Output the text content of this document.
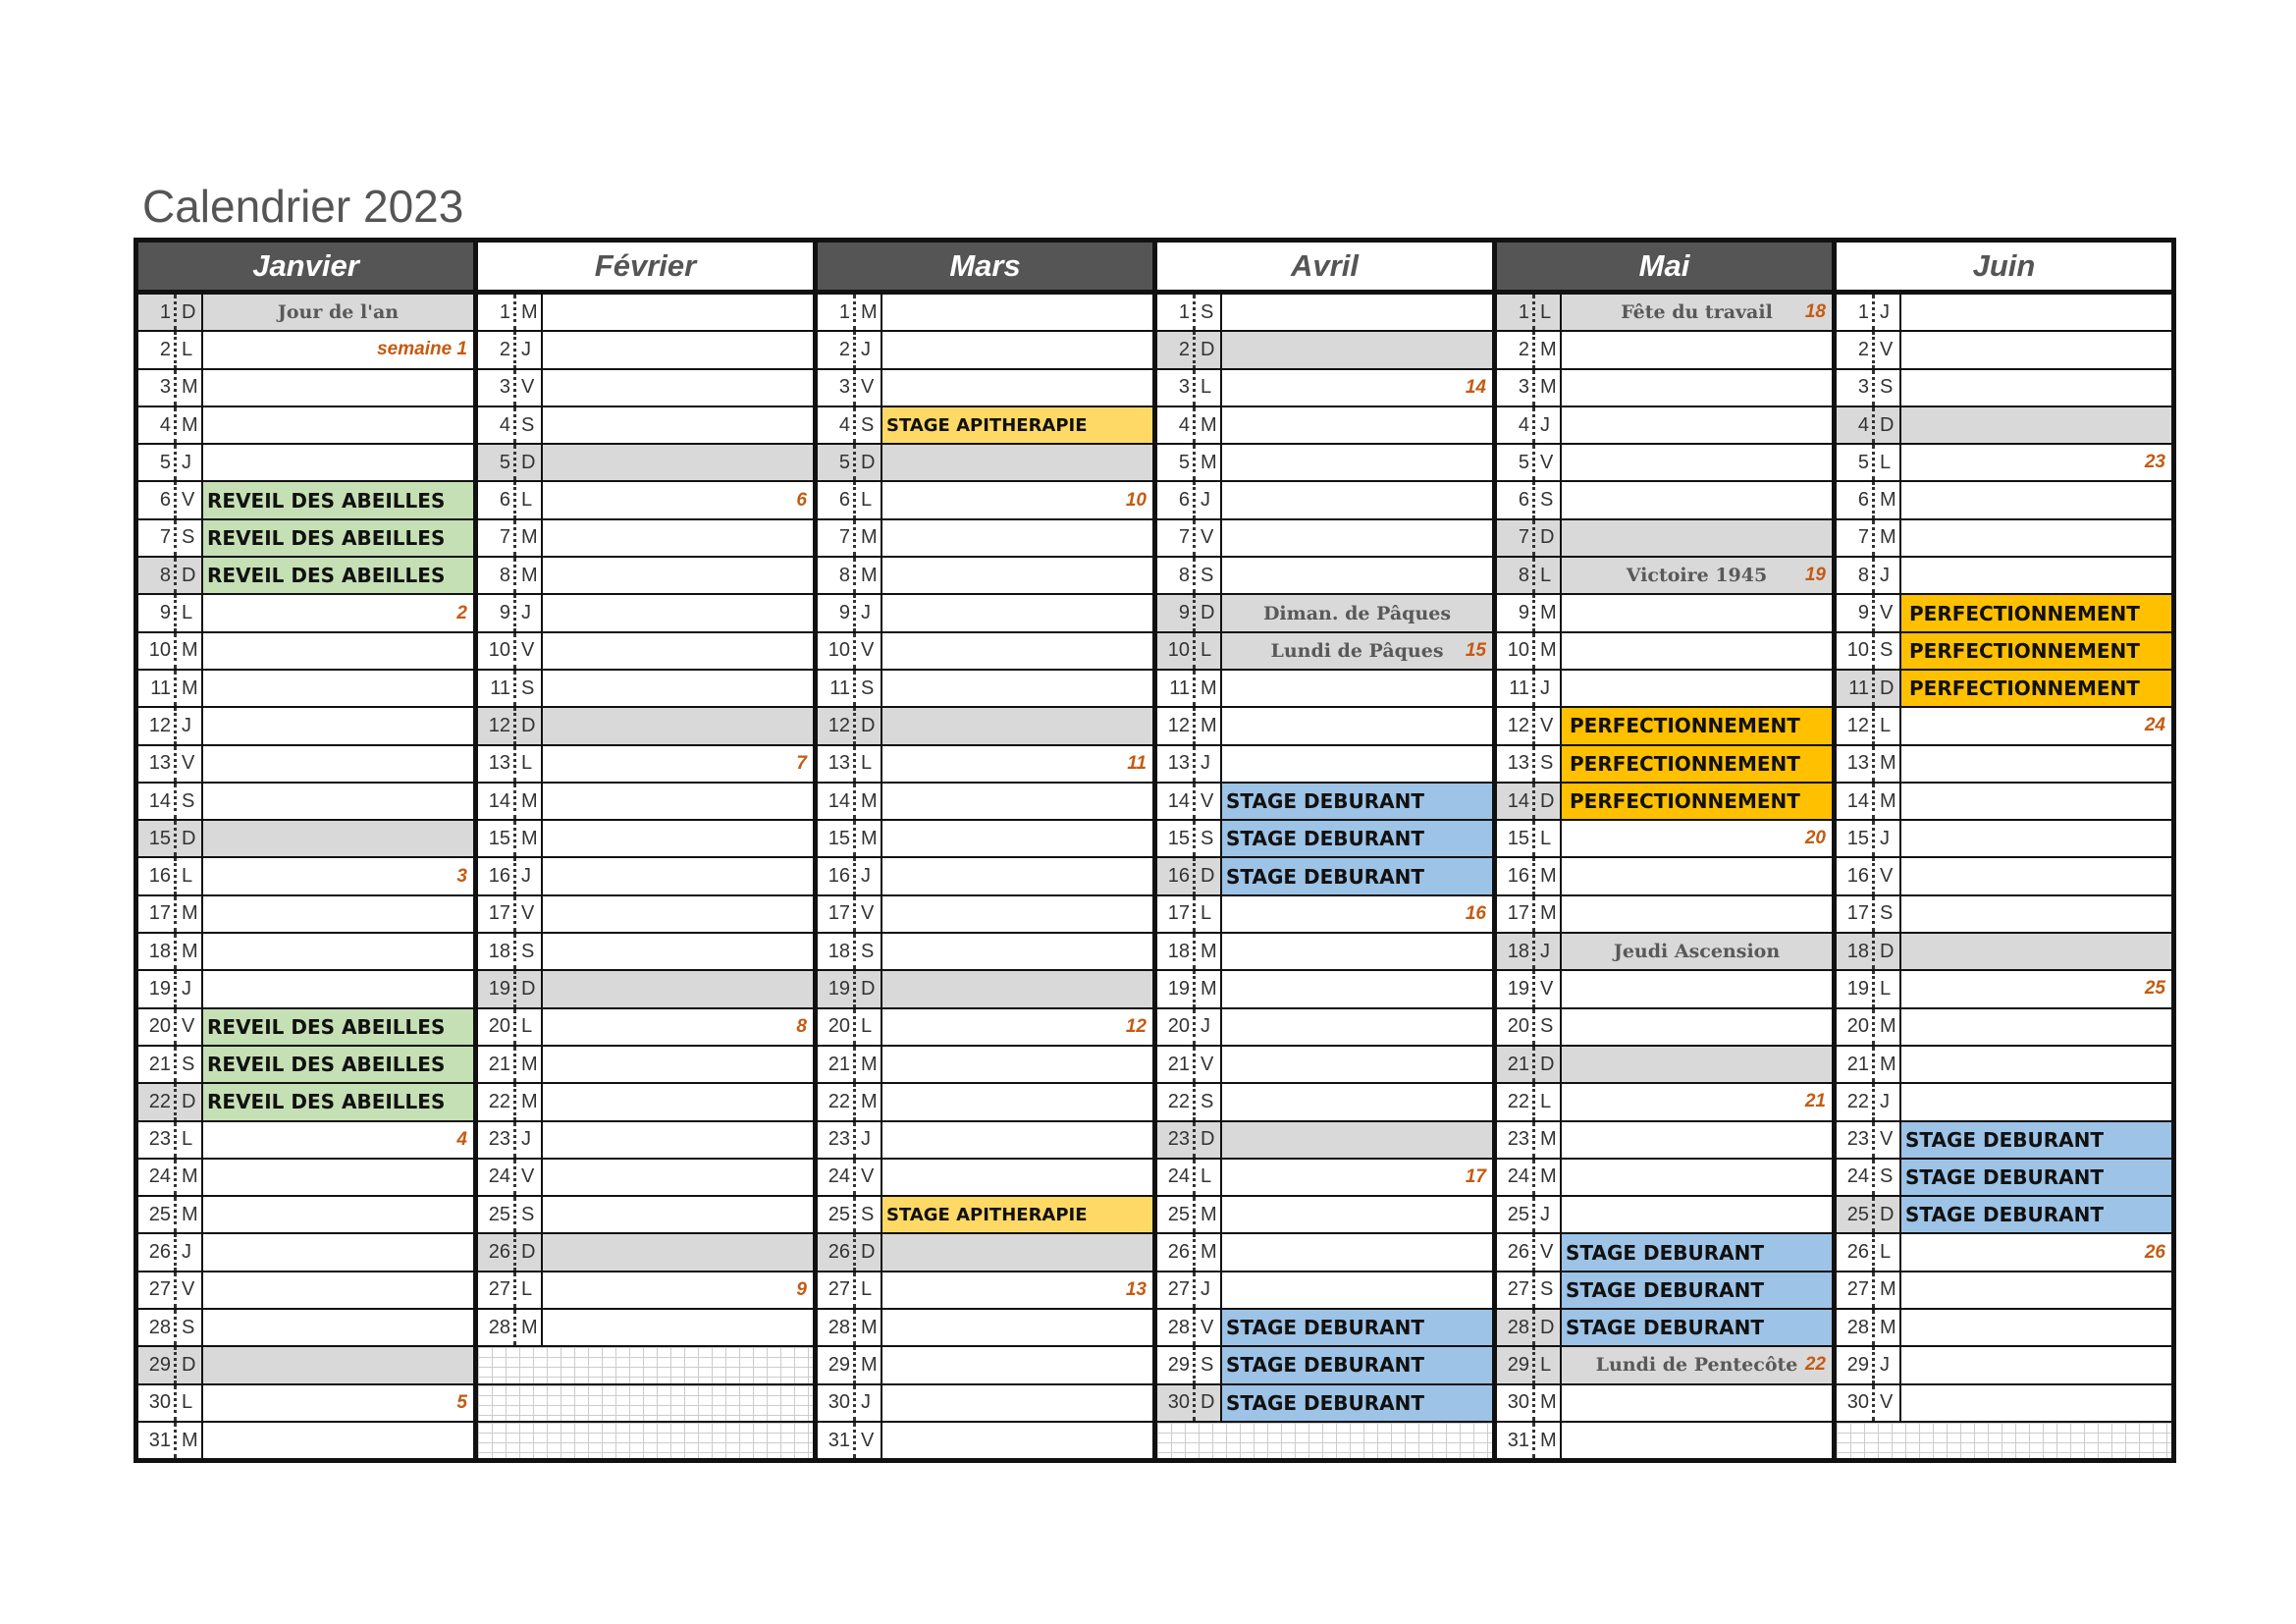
Calendrier 2023
Janvier
1 D	Jour de l'an
2 L	semaine 1
3 M
4 M
5 J
6 V REVEIL DES ABEILLES
7 S REVEIL DES ABEILLES
8 D REVEIL DES ABEILLES
9 L	2
10 M
11 M
12 J
13 V
14 S
15 D
16 L	3
17 M
18 M
19 J
20 V REVEIL DES ABEILLES
21 S REVEIL DES ABEILLES
22 D REVEIL DES ABEILLES
23 L	4
24 M
25 M
26 J
27 V
28 S
29 D
30 L	5
31 M
Février
1 M
2 J
3 V
4 S
5 D
6 L	6
7 M
8 M
9 J
10 V
11 S
12 D
13 L	7
14 M
15 M
16 J
17 V
18 S
19 D
20 L	8
21 M
22 M
23 J
24 V
25 S
26 D
27 L	9
28 M
Mars
1 M
2 J
3 V
4 S STAGE APITHERAPIE
5 D
6 L	10
7 M
8 M
9 J
10 V
11 S
12 D
13 L	11
14 M
15 M
16 J
17 V
18 S
19 D
20 L	12
21 M
22 M
23 J
24 V
25 S STAGE APITHERAPIE
26 D
27 L	13
28 M
29 M
30 J
31 V
Avril
1 S
2 D
3 L	14
4 M
5 M
6 J
7 V
8 S
9 D	Diman. de Pâques
10 L	Lundi de Pâques	15
11 M
12 M
13 J
14 V STAGE DEBURANT
15 S STAGE DEBURANT
16 D STAGE DEBURANT
17 L	16
18 M
19 M
20 J
21 V
22 S
23 D
24 L	17
25 M
26 M
27 J
28 V STAGE DEBURANT
29 S STAGE DEBURANT
30 D STAGE DEBURANT
Mai
1 L	Fête du travail	18
2 M
3 M
4 J
5 V
6 S
7 D
8 L	Victoire 1945	19
9 M
10 M
11 J
12 V PERFECTIONNEMENT
13 S PERFECTIONNEMENT
14 D PERFECTIONNEMENT
15 L	20
16 M
17 M
18 J	Jeudi Ascension
19 V
20 S
21 D
22 L	21
23 M
24 M
25 J
26 V STAGE DEBURANT
27 S STAGE DEBURANT
28 D STAGE DEBURANT
29 L	Lundi de Pentecôte 22
30 M
31 M
Juin
1 J
2 V
3 S
4 D
5 L	23
6 M
7 M
8 J
9 V PERFECTIONNEMENT
10 S PERFECTIONNEMENT
11 D PERFECTIONNEMENT
12 L	24
13 M
14 M
15 J
16 V
17 S
18 D
19 L	25
20 M
21 M
22 J
23 V STAGE DEBURANT
24 S STAGE DEBURANT
25 D STAGE DEBURANT
26 L	26
27 M
28 M
29 J
30 V
